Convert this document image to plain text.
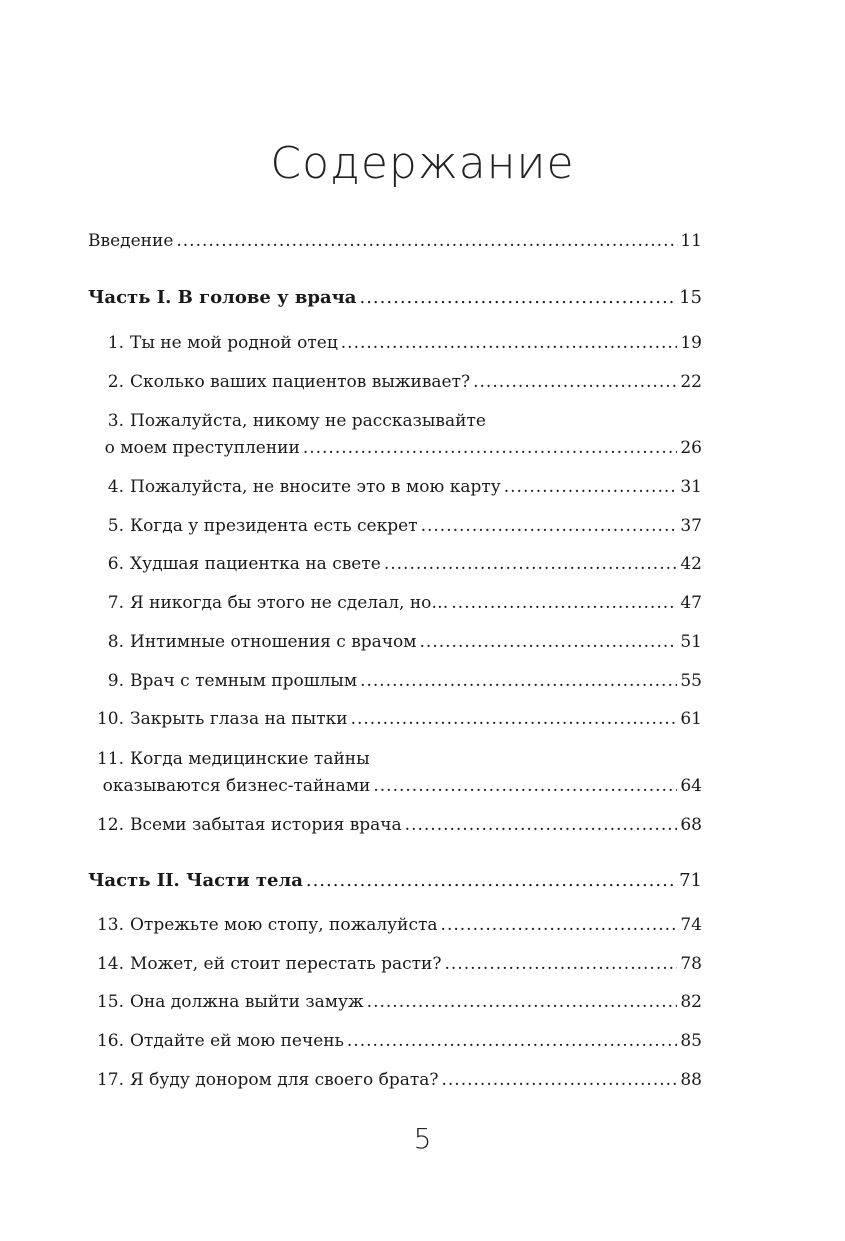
Содержание
Введение .....	11
Часть I. В голове у врача .....	15
1. Ты не мой родной отец .....	19
2. Сколько ваших пациентов выживает? .....	22
3. Пожалуйста, никому не рассказывайте
о моем преступлении .....	26
4. Пожалуйста, не вносите это в мою карту .....	31
5. Когда у президента есть секрет .....	37
6. Худшая пациентка на свете .....	42
7. Я никогда бы этого не сделал, но… .....	47
8. Интимные отношения с врачом .....	51
9. Врач с темным прошлым .....	55
10. Закрыть глаза на пытки .....	61
11. Когда медицинские тайны
оказываются бизнес-тайнами .....	64
12. Всеми забытая история врача .....	68
Часть II. Части тела .....	71
13. Отрежьте мою стопу, пожалуйста .....	74
14. Может, ей стоит перестать расти? .....	78
15. Она должна выйти замуж .....	82
16. Отдайте ей мою печень .....	85
17. Я буду донором для своего брата? .....	88
5
